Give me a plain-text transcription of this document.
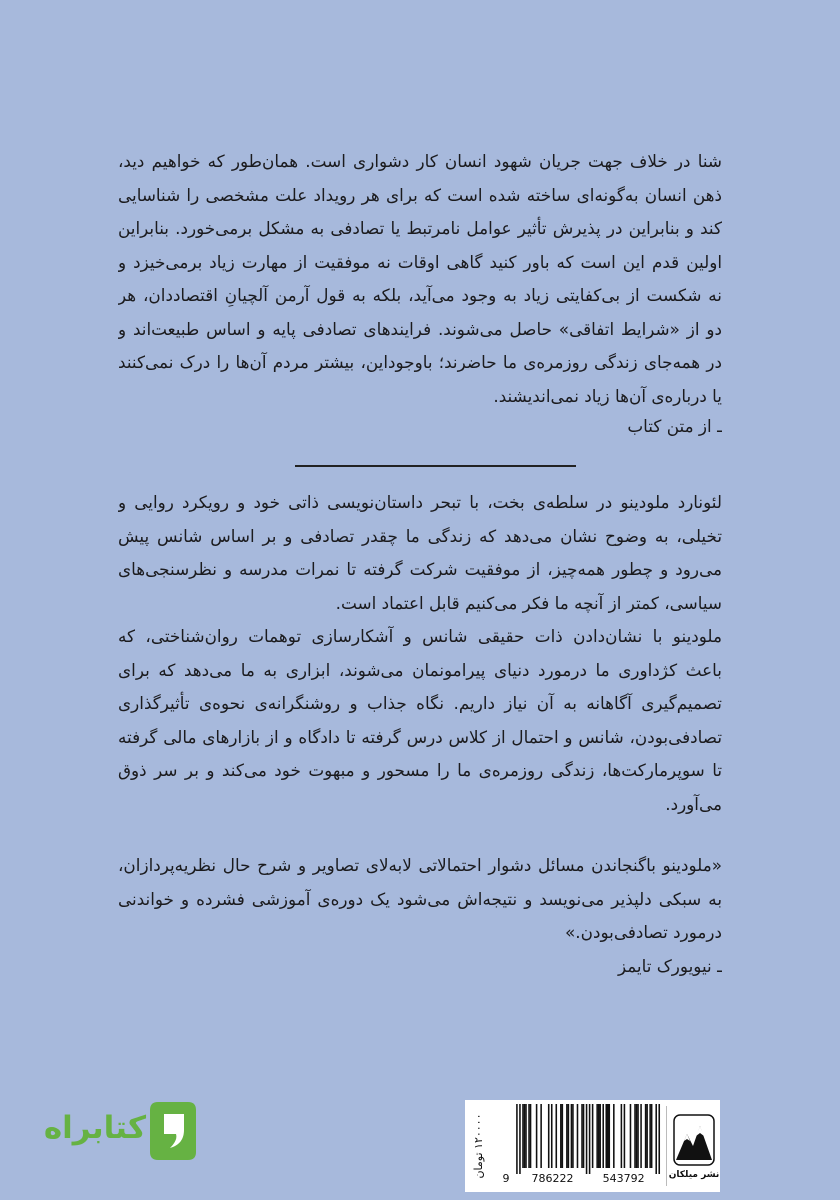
شنا در خلاف جهت جریان شهود انسان کار دشواری است. همان‌طور که خواهیم دید،
ذهن انسان به‌گونه‌ای ساخته شده است که برای هر رویداد علت مشخصی را شناسایی
کند و بنابراین در پذیرش تأثیر عوامل نامرتبط یا تصادفی به مشکل برمی‌خورد. بنابراین
اولین قدم این است که باور کنید گاهی اوقات نه موفقیت از مهارت زیاد برمی‌خیزد و
نه شکست از بی‌کفایتی زیاد به وجود می‌آید، بلکه به قول آرمن آلچیانِ اقتصاددان، هر
دو از «شرایط اتفاقی» حاصل می‌شوند. فرایندهای تصادفی پایه و اساس طبیعت‌اند و
در همه‌جای زندگی روزمره‌ی ما حاضرند؛ باوجوداین، بیشتر مردم آن‌ها را درک نمی‌کنند
یا درباره‌ی آن‌ها زیاد نمی‌اندیشند.
ـ از متن کتاب
لئونارد ملودینو در سلطه‌ی بخت، با تبحر داستان‌نویسی ذاتی خود و رویکرد روایی و
تخیلی، به وضوح نشان می‌دهد که زندگی ما چقدر تصادفی و بر اساس شانس پیش
می‌رود و چطور همه‌چیز، از موفقیت شرکت گرفته تا نمرات مدرسه و نظرسنجی‌های
سیاسی، کمتر از آنچه ما فکر می‌کنیم قابل اعتماد است.
ملودینو با نشان‌دادن ذات حقیقی شانس و آشکارسازی توهمات روان‌شناختی، که
باعث کژداوری ما درمورد دنیای پیرامونمان می‌شوند، ابزاری به ما می‌دهد که برای
تصمیم‌گیری آگاهانه به آن نیاز داریم. نگاه جذاب و روشنگرانه‌ی نحوه‌ی تأثیرگذاری
تصادفی‌بودن، شانس و احتمال از کلاس درس گرفته تا دادگاه و از بازارهای مالی گرفته
تا سوپرمارکت‌ها، زندگی روزمره‌ی ما را مسحور و مبهوت خود می‌کند و بر سر ذوق
می‌آورد.
«ملودینو باگنجاندن مسائل دشوار احتمالاتی لابه‌لای تصاویر و شرح حال نظریه‌پردازان،
به سبکی دلپذیر می‌نویسد و نتیجه‌اش می‌شود یک دوره‌ی آموزشی فشرده و خواندنی
درمورد تصادفی‌بودن.»
ـ نیویورک تایمز
کتابراه
۱۲۰۰۰۰ تومان
9 786222	543792	نشر میلکان
